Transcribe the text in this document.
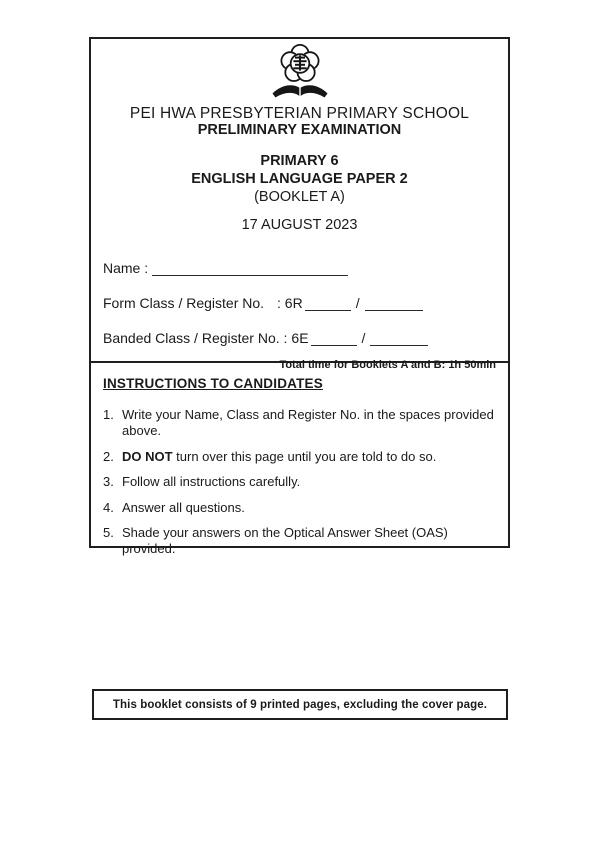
PEI HWA PRESBYTERIAN PRIMARY SCHOOL
PRELIMINARY EXAMINATION
PRIMARY 6
ENGLISH LANGUAGE PAPER 2
(BOOKLET A)
17 AUGUST 2023
Name :
Form Class / Register No. : 6R	/
Banded Class / Register No. : 6E	/
Total time for Booklets A and B: 1h 50min
INSTRUCTIONS TO CANDIDATES
1. Write your Name, Class and Register No. in the spaces provided above.
2. DO NOT turn over this page until you are told to do so.
3. Follow all instructions carefully.
4. Answer all questions.
5. Shade your answers on the Optical Answer Sheet (OAS) provided.
This booklet consists of 9 printed pages, excluding the cover page.
